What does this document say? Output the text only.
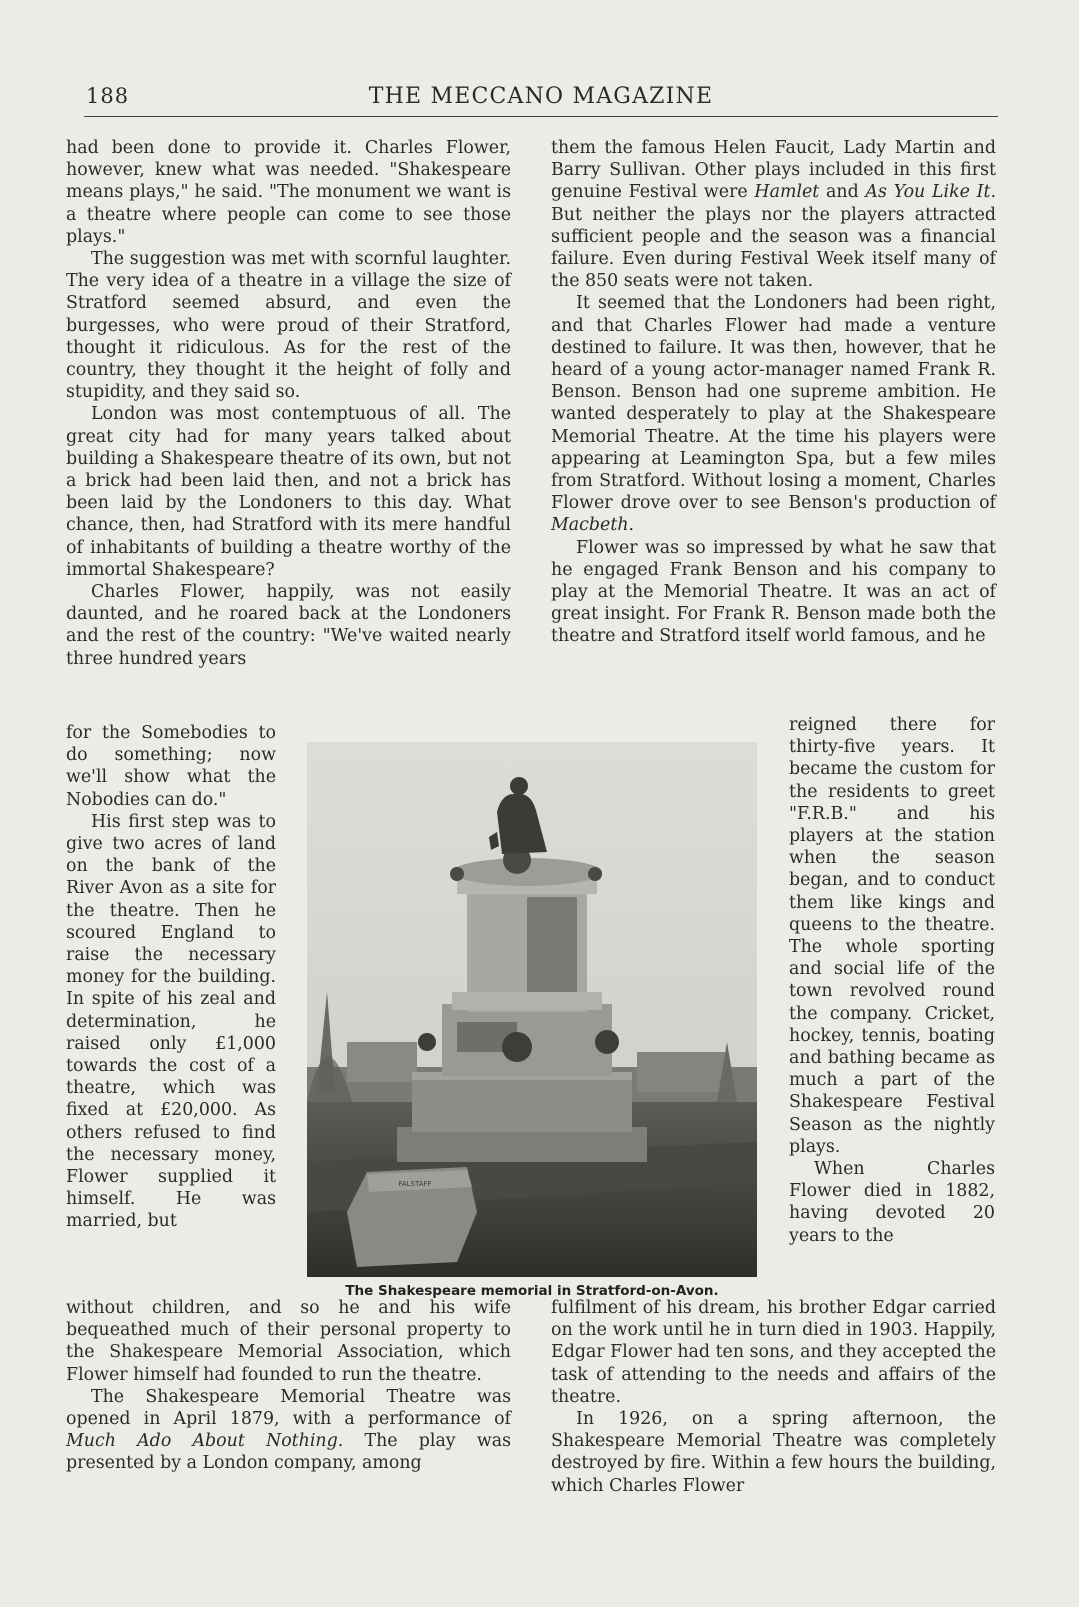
188	THE MECCANO MAGAZINE

had been done to provide it. Charles Flower, however, knew what was needed. "Shakespeare means plays," he said. "The monument we want is a theatre where people can come to see those plays."

The suggestion was met with scornful laughter. The very idea of a theatre in a village the size of Stratford seemed absurd, and even the burgesses, who were proud of their Stratford, thought it ridiculous. As for the rest of the country, they thought it the height of folly and stupidity, and they said so.

London was most contemptuous of all. The great city had for many years talked about building a Shakespeare theatre of its own, but not a brick had been laid then, and not a brick has been laid by the Londoners to this day. What chance, then, had Stratford with its mere handful of inhabitants of building a theatre worthy of the immortal Shakespeare?

Charles Flower, happily, was not easily daunted, and he roared back at the Londoners and the rest of the country: "We've waited nearly three hundred years

them the famous Helen Faucit, Lady Martin and Barry Sullivan. Other plays included in this first genuine Festival were Hamlet and As You Like It. But neither the plays nor the players attracted sufficient people and the season was a financial failure. Even during Festival Week itself many of the 850 seats were not taken.

It seemed that the Londoners had been right, and that Charles Flower had made a venture destined to failure. It was then, however, that he heard of a young actor-manager named Frank R. Benson. Benson had one supreme ambition. He wanted desperately to play at the Shakespeare Memorial Theatre. At the time his players were appearing at Leamington Spa, but a few miles from Stratford. Without losing a moment, Charles Flower drove over to see Benson's production of Macbeth.

Flower was so impressed by what he saw that he engaged Frank Benson and his company to play at the Memorial Theatre. It was an act of great insight. For Frank R. Benson made both the theatre and Stratford itself world famous, and he

for the Somebodies to do something; now we'll show what the Nobodies can do."

His first step was to give two acres of land on the bank of the River Avon as a site for the theatre. Then he scoured England to raise the necessary money for the building. In spite of his zeal and determination, he raised only £1,000 towards the cost of a theatre, which was fixed at £20,000. As others refused to find the necessary money, Flower supplied it himself. He was married, but

reigned there for thirty-five years. It became the custom for the residents to greet "F.R.B." and his players at the station when the season began, and to conduct them like kings and queens to the theatre. The whole sporting and social life of the town revolved round the company. Cricket, hockey, tennis, boating and bathing became as much a part of the Shakespeare Festival Season as the nightly plays.

When Charles Flower died in 1882, having devoted 20 years to the

FALSTAFF
The Shakespeare memorial in Stratford-on-Avon.

without children, and so he and his wife bequeathed much of their personal property to the Shakespeare Memorial Association, which Flower himself had founded to run the theatre.

The Shakespeare Memorial Theatre was opened in April 1879, with a performance of Much Ado About Nothing. The play was presented by a London company, among

fulfilment of his dream, his brother Edgar carried on the work until he in turn died in 1903. Happily, Edgar Flower had ten sons, and they accepted the task of attending to the needs and affairs of the theatre.

In 1926, on a spring afternoon, the Shakespeare Memorial Theatre was completely destroyed by fire. Within a few hours the building, which Charles Flower
